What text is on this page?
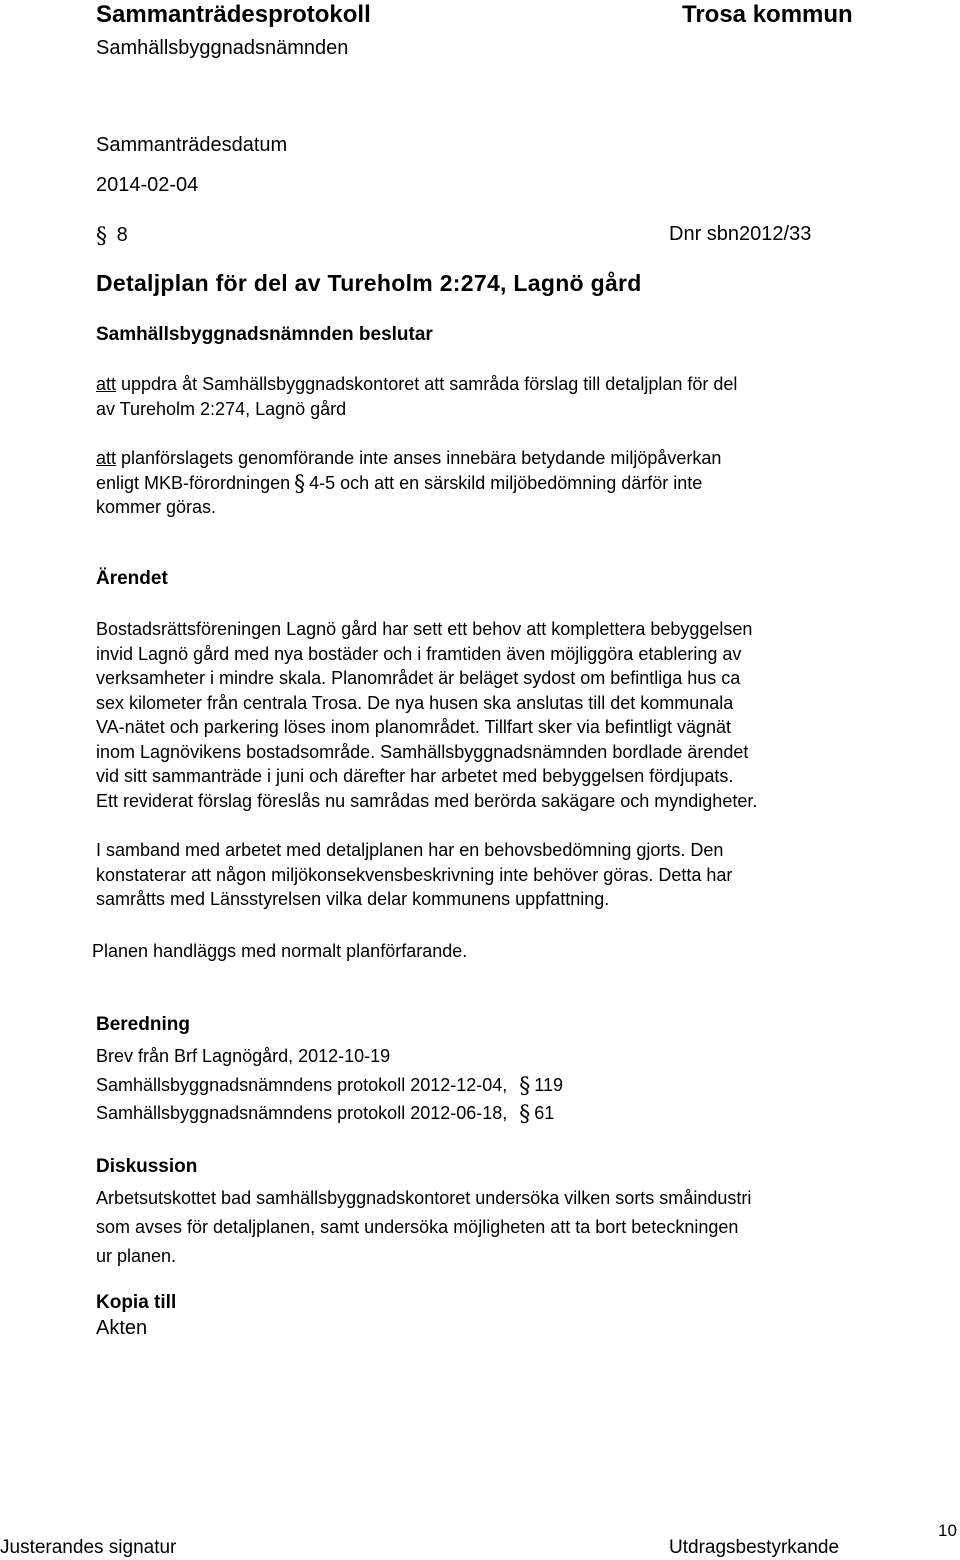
Sammanträdesprotokoll	Trosa kommun
Samhällsbyggnadsnämnden
Sammanträdesdatum
2014-02-04
§ 8	Dnr sbn2012/33
Detaljplan för del av Tureholm 2:274, Lagnö gård
Samhällsbyggnadsnämnden beslutar
att uppdra åt Samhällsbyggnadskontoret att samråda förslag till detaljplan för del
av Tureholm 2:274, Lagnö gård
att planförslagets genomförande inte anses innebära betydande miljöpåverkan
enligt MKB-förordningen § 4-5 och att en särskild miljöbedömning därför inte
kommer göras.
Ärendet
Bostadsrättsföreningen Lagnö gård har sett ett behov att komplettera bebyggelsen
invid Lagnö gård med nya bostäder och i framtiden även möjliggöra etablering av
verksamheter i mindre skala. Planområdet är beläget sydost om befintliga hus ca
sex kilometer från centrala Trosa. De nya husen ska anslutas till det kommunala
VA-nätet och parkering löses inom planområdet. Tillfart sker via befintligt vägnät
inom Lagnövikens bostadsområde. Samhällsbyggnadsnämnden bordlade ärendet
vid sitt sammanträde i juni och därefter har arbetet med bebyggelsen fördjupats.
Ett reviderat förslag föreslås nu samrådas med berörda sakägare och myndigheter.
I samband med arbetet med detaljplanen har en behovsbedömning gjorts. Den
konstaterar att någon miljökonsekvensbeskrivning inte behöver göras. Detta har
samråtts med Länsstyrelsen vilka delar kommunens uppfattning.
Planen handläggs med normalt planförfarande.
Beredning
Brev från Brf Lagnögård, 2012-10-19
Samhällsbyggnadsnämndens protokoll 2012-12-04, § 119
Samhällsbyggnadsnämndens protokoll 2012-06-18, § 61
Diskussion
Arbetsutskottet bad samhällsbyggnadskontoret undersöka vilken sorts småindustri
som avses för detaljplanen, samt undersöka möjligheten att ta bort beteckningen
ur planen.
Kopia till
Akten
Justerandes signatur	Utdragsbestyrkande
10
